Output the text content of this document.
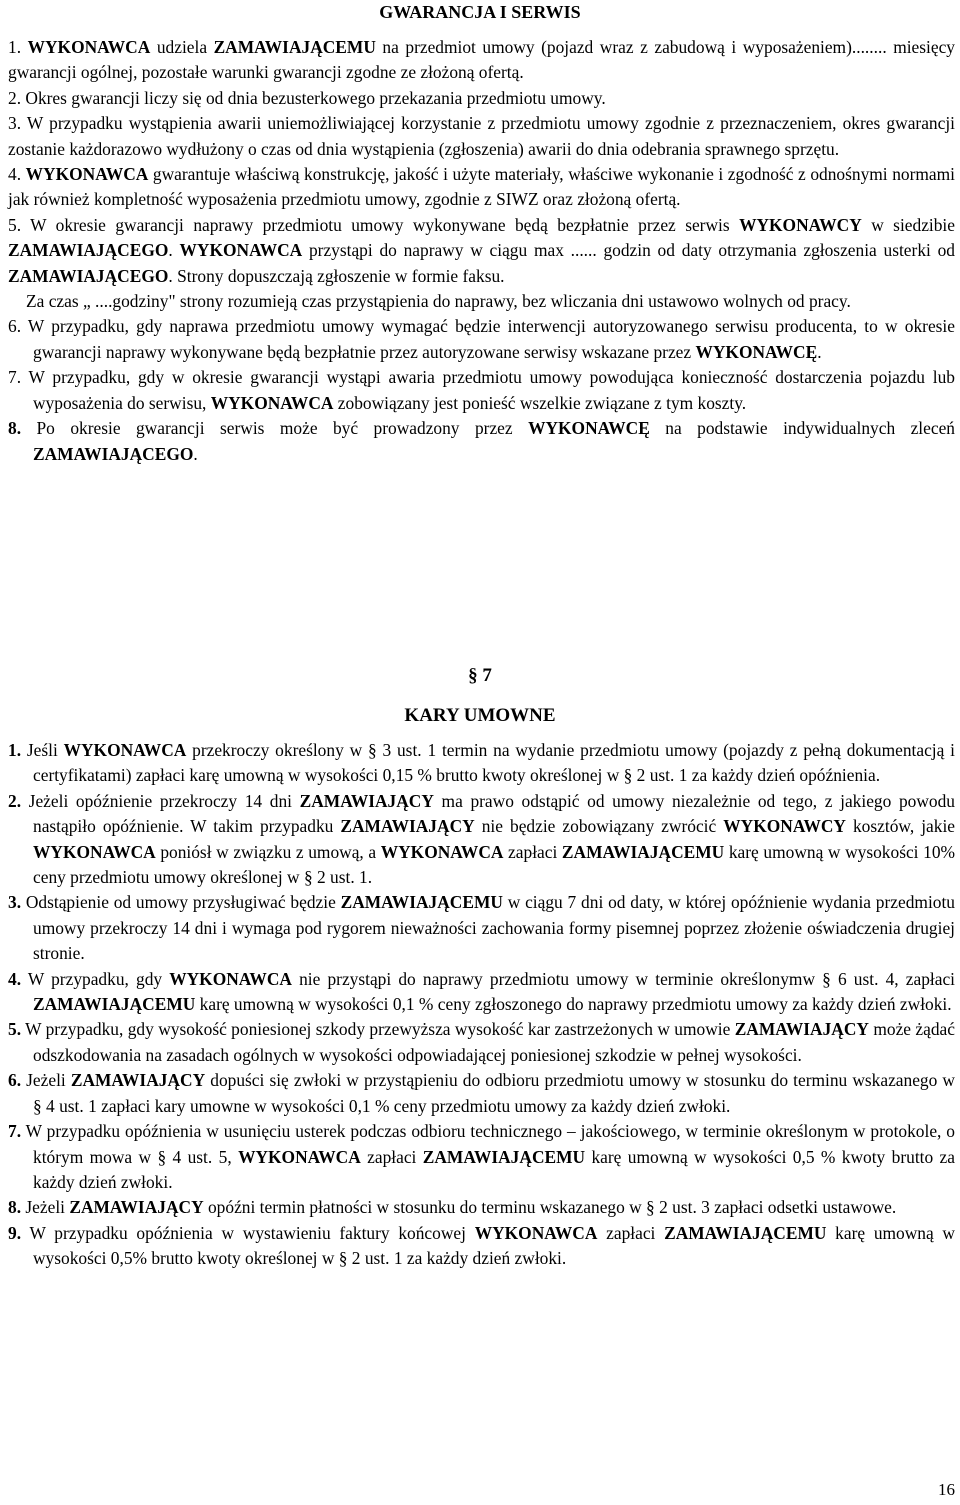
GWARANCJA I SERWIS

1. WYKONAWCA udziela ZAMAWIAJĄCEMU na przedmiot umowy (pojazd wraz z zabudową i wyposażeniem)........ miesięcy gwarancji ogólnej, pozostałe warunki gwarancji zgodne ze złożoną ofertą.

2. Okres gwarancji liczy się od dnia bezusterkowego przekazania przedmiotu umowy.

3. W przypadku wystąpienia awarii uniemożliwiającej korzystanie z przedmiotu umowy zgodnie z przeznaczeniem, okres gwarancji zostanie każdorazowo wydłużony o czas od dnia wystąpienia (zgłoszenia) awarii do dnia odebrania sprawnego sprzętu.

4. WYKONAWCA gwarantuje właściwą konstrukcję, jakość i użyte materiały, właściwe wykonanie i zgodność z odnośnymi normami jak również kompletność wyposażenia przedmiotu umowy, zgodnie z SIWZ oraz złożoną ofertą.

5. W okresie gwarancji naprawy przedmiotu umowy wykonywane będą bezpłatnie przez serwis WYKONAWCY w siedzibie ZAMAWIAJĄCEGO. WYKONAWCA przystąpi do naprawy w ciągu max ...... godzin od daty otrzymania zgłoszenia usterki od ZAMAWIAJĄCEGO. Strony dopuszczają zgłoszenie w formie faksu.

Za czas „ ....godziny" strony rozumieją czas przystąpienia do naprawy, bez wliczania dni ustawowo wolnych od pracy.

6. W przypadku, gdy naprawa przedmiotu umowy wymagać będzie interwencji autoryzowanego serwisu producenta, to w okresie gwarancji naprawy wykonywane będą bezpłatnie przez autoryzowane serwisy wskazane przez WYKONAWCĘ.

7. W przypadku, gdy w okresie gwarancji wystąpi awaria przedmiotu umowy powodująca konieczność dostarczenia pojazdu lub wyposażenia do serwisu, WYKONAWCA zobowiązany jest ponieść wszelkie związane z tym koszty.

8. Po okresie gwarancji serwis może być prowadzony przez WYKONAWCĘ na podstawie indywidualnych zleceń ZAMAWIAJĄCEGO.

§ 7
KARY UMOWNE

1. Jeśli WYKONAWCA przekroczy określony w § 3 ust. 1 termin na wydanie przedmiotu umowy (pojazdy z pełną dokumentacją i certyfikatami) zapłaci karę umowną w wysokości 0,15 % brutto kwoty określonej w § 2 ust. 1 za każdy dzień opóźnienia.

2. Jeżeli opóźnienie przekroczy 14 dni ZAMAWIAJĄCY ma prawo odstąpić od umowy niezależnie od tego, z jakiego powodu nastąpiło opóźnienie. W takim przypadku ZAMAWIAJĄCY nie będzie zobowiązany zwrócić WYKONAWCY kosztów, jakie WYKONAWCA poniósł w związku z umową, a WYKONAWCA zapłaci ZAMAWIAJĄCEMU karę umowną w wysokości 10% ceny przedmiotu umowy określonej w § 2 ust. 1.

3. Odstąpienie od umowy przysługiwać będzie ZAMAWIAJĄCEMU w ciągu 7 dni od daty, w której opóźnienie wydania przedmiotu umowy przekroczy 14 dni i wymaga pod rygorem nieważności zachowania formy pisemnej poprzez złożenie oświadczenia drugiej stronie.

4. W przypadku, gdy WYKONAWCA nie przystąpi do naprawy przedmiotu umowy w terminie określonymw § 6 ust. 4, zapłaci ZAMAWIAJĄCEMU karę umowną w wysokości 0,1 % ceny zgłoszonego do naprawy przedmiotu umowy za każdy dzień zwłoki.

5. W przypadku, gdy wysokość poniesionej szkody przewyższa wysokość kar zastrzeżonych w umowie ZAMAWIAJĄCY może żądać odszkodowania na zasadach ogólnych w wysokości odpowiadającej poniesionej szkodzie w pełnej wysokości.

6. Jeżeli ZAMAWIAJĄCY dopuści się zwłoki w przystąpieniu do odbioru przedmiotu umowy w stosunku do terminu wskazanego w § 4 ust. 1 zapłaci kary umowne w wysokości 0,1 % ceny przedmiotu umowy za każdy dzień zwłoki.

7. W przypadku opóźnienia w usunięciu usterek podczas odbioru technicznego – jakościowego, w terminie określonym w protokole, o którym mowa w § 4 ust. 5, WYKONAWCA zapłaci ZAMAWIAJĄCEMU karę umowną w wysokości 0,5 % kwoty brutto za każdy dzień zwłoki.

8. Jeżeli ZAMAWIAJĄCY opóźni termin płatności w stosunku do terminu wskazanego w § 2 ust. 3 zapłaci odsetki ustawowe.

9. W przypadku opóźnienia w wystawieniu faktury końcowej WYKONAWCA zapłaci ZAMAWIAJĄCEMU karę umowną w wysokości 0,5% brutto kwoty określonej w § 2 ust. 1 za każdy dzień zwłoki.

16
